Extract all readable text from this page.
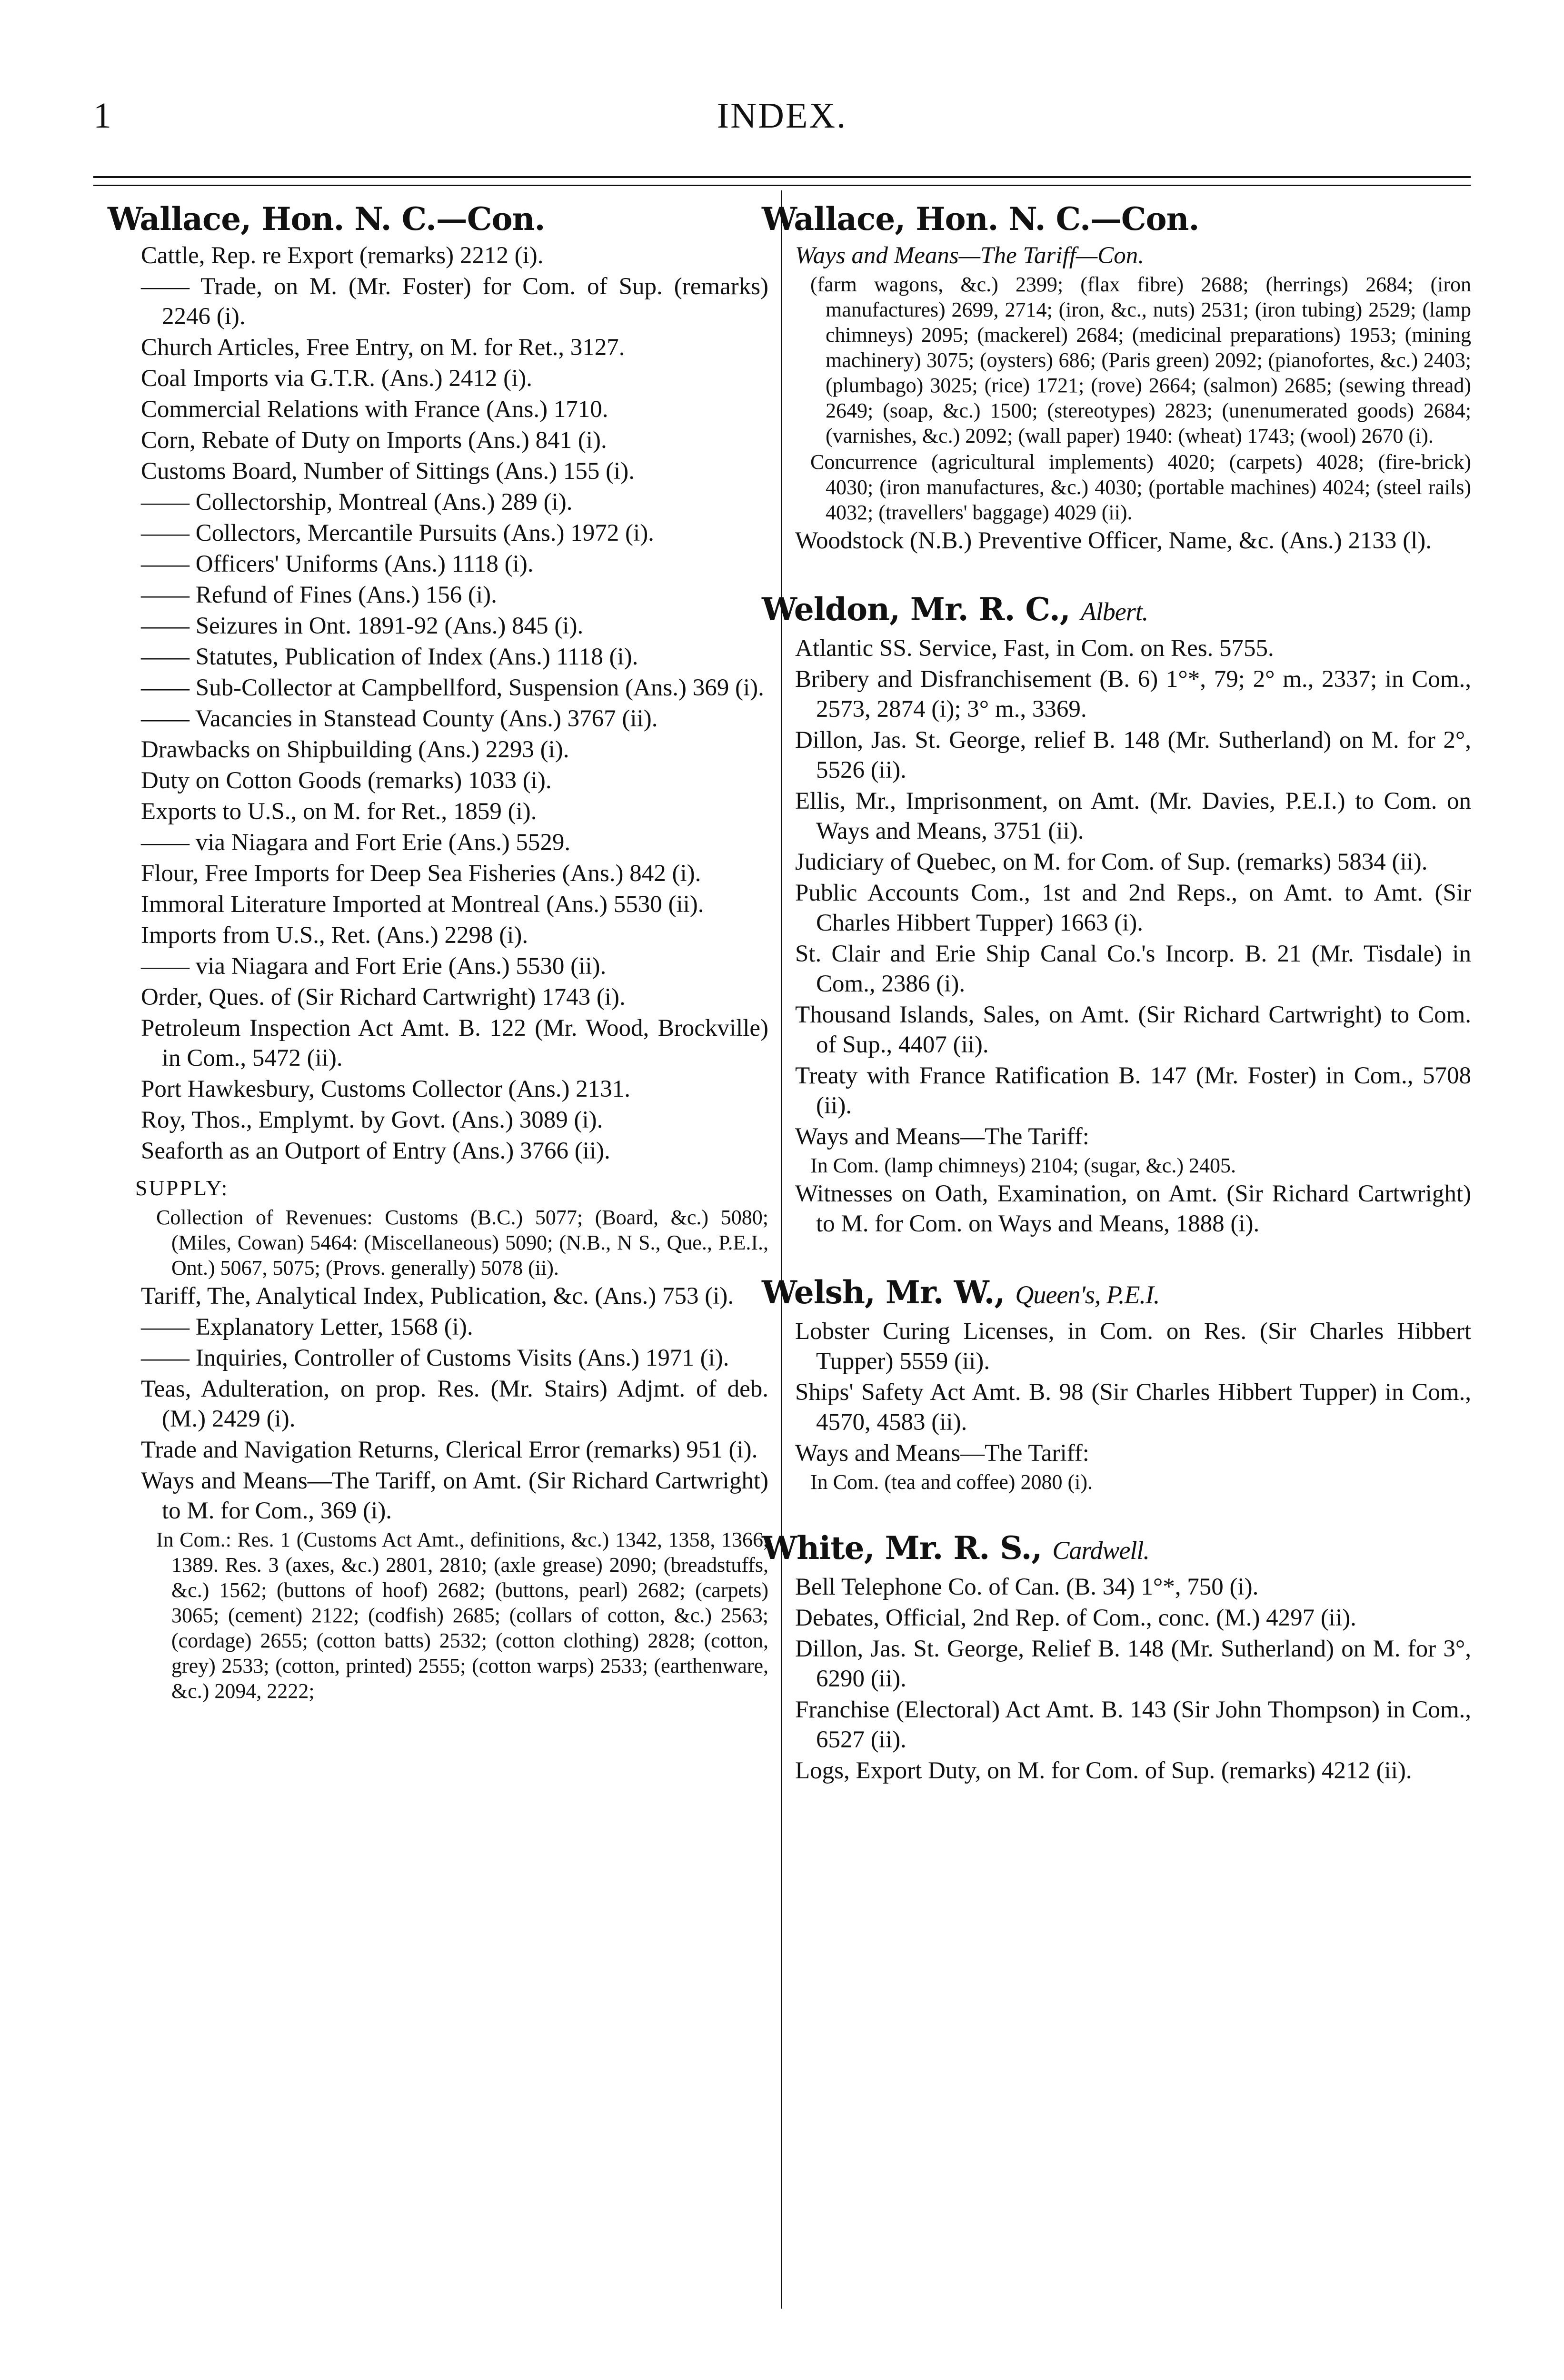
1	INDEX.
Wallace, Hon. N. C.—Con.
Cattle, Rep. re Export (remarks) 2212 (i).
—— Trade, on M. (Mr. Foster) for Com. of Sup. (remarks) 2246 (i).
Church Articles, Free Entry, on M. for Ret., 3127.
Coal Imports via G.T.R. (Ans.) 2412 (i).
Commercial Relations with France (Ans.) 1710.
Corn, Rebate of Duty on Imports (Ans.) 841 (i).
Customs Board, Number of Sittings (Ans.) 155 (i).
—— Collectorship, Montreal (Ans.) 289 (i).
—— Collectors, Mercantile Pursuits (Ans.) 1972 (i).
—— Officers' Uniforms (Ans.) 1118 (i).
—— Refund of Fines (Ans.) 156 (i).
—— Seizures in Ont. 1891-92 (Ans.) 845 (i).
—— Statutes, Publication of Index (Ans.) 1118 (i).
—— Sub-Collector at Campbellford, Suspension (Ans.) 369 (i).
—— Vacancies in Stanstead County (Ans.) 3767 (ii).
Drawbacks on Shipbuilding (Ans.) 2293 (i).
Duty on Cotton Goods (remarks) 1033 (i).
Exports to U.S., on M. for Ret., 1859 (i).
—— via Niagara and Fort Erie (Ans.) 5529.
Flour, Free Imports for Deep Sea Fisheries (Ans.) 842 (i).
Immoral Literature Imported at Montreal (Ans.) 5530 (ii).
Imports from U.S., Ret. (Ans.) 2298 (i).
—— via Niagara and Fort Erie (Ans.) 5530 (ii).
Order, Ques. of (Sir Richard Cartwright) 1743 (i).
Petroleum Inspection Act Amt. B. 122 (Mr. Wood, Brockville) in Com., 5472 (ii).
Port Hawkesbury, Customs Collector (Ans.) 2131.
Roy, Thos., Emplymt. by Govt. (Ans.) 3089 (i).
Seaforth as an Outport of Entry (Ans.) 3766 (ii).
SUPPLY:
Collection of Revenues: Customs (B.C.) 5077; (Board, &c.) 5080; (Miles, Cowan) 5464: (Miscellaneous) 5090; (N.B., N S., Que., P.E.I., Ont.) 5067, 5075; (Provs. generally) 5078 (ii).
Tariff, The, Analytical Index, Publication, &c. (Ans.) 753 (i).
—— Explanatory Letter, 1568 (i).
—— Inquiries, Controller of Customs Visits (Ans.) 1971 (i).
Teas, Adulteration, on prop. Res. (Mr. Stairs) Adjmt. of deb. (M.) 2429 (i).
Trade and Navigation Returns, Clerical Error (remarks) 951 (i).
Ways and Means—The Tariff, on Amt. (Sir Richard Cartwright) to M. for Com., 369 (i).
In Com.: Res. 1 (Customs Act Amt., definitions, &c.) 1342, 1358, 1366, 1389. Res. 3 (axes, &c.) 2801, 2810; (axle grease) 2090; (breadstuffs, &c.) 1562; (buttons of hoof) 2682; (buttons, pearl) 2682; (carpets) 3065; (cement) 2122; (codfish) 2685; (collars of cotton, &c.) 2563; (cordage) 2655; (cotton batts) 2532; (cotton clothing) 2828; (cotton, grey) 2533; (cotton, printed) 2555; (cotton warps) 2533; (earthenware, &c.) 2094, 2222;
Wallace, Hon. N. C.—Con.
Ways and Means—The Tariff—Con.
(farm wagons, &c.) 2399; (flax fibre) 2688; (herrings) 2684; (iron manufactures) 2699, 2714; (iron, &c., nuts) 2531; (iron tubing) 2529; (lamp chimneys) 2095; (mackerel) 2684; (medicinal preparations) 1953; (mining machinery) 3075; (oysters) 686; (Paris green) 2092; (pianofortes, &c.) 2403; (plumbago) 3025; (rice) 1721; (rove) 2664; (salmon) 2685; (sewing thread) 2649; (soap, &c.) 1500; (stereotypes) 2823; (unenumerated goods) 2684; (varnishes, &c.) 2092; (wall paper) 1940: (wheat) 1743; (wool) 2670 (i).
Concurrence (agricultural implements) 4020; (carpets) 4028; (fire-brick) 4030; (iron manufactures, &c.) 4030; (portable machines) 4024; (steel rails) 4032; (travellers' baggage) 4029 (ii).
Woodstock (N.B.) Preventive Officer, Name, &c. (Ans.) 2133 (l).
Weldon, Mr. R. C., Albert.
Atlantic SS. Service, Fast, in Com. on Res. 5755.
Bribery and Disfranchisement (B. 6) 1°*, 79; 2° m., 2337; in Com., 2573, 2874 (i); 3° m., 3369.
Dillon, Jas. St. George, relief B. 148 (Mr. Sutherland) on M. for 2°, 5526 (ii).
Ellis, Mr., Imprisonment, on Amt. (Mr. Davies, P.E.I.) to Com. on Ways and Means, 3751 (ii).
Judiciary of Quebec, on M. for Com. of Sup. (remarks) 5834 (ii).
Public Accounts Com., 1st and 2nd Reps., on Amt. to Amt. (Sir Charles Hibbert Tupper) 1663 (i).
St. Clair and Erie Ship Canal Co.'s Incorp. B. 21 (Mr. Tisdale) in Com., 2386 (i).
Thousand Islands, Sales, on Amt. (Sir Richard Cartwright) to Com. of Sup., 4407 (ii).
Treaty with France Ratification B. 147 (Mr. Foster) in Com., 5708 (ii).
Ways and Means—The Tariff:
In Com. (lamp chimneys) 2104; (sugar, &c.) 2405.
Witnesses on Oath, Examination, on Amt. (Sir Richard Cartwright) to M. for Com. on Ways and Means, 1888 (i).
Welsh, Mr. W., Queen's, P.E.I.
Lobster Curing Licenses, in Com. on Res. (Sir Charles Hibbert Tupper) 5559 (ii).
Ships' Safety Act Amt. B. 98 (Sir Charles Hibbert Tupper) in Com., 4570, 4583 (ii).
Ways and Means—The Tariff:
In Com. (tea and coffee) 2080 (i).
White, Mr. R. S., Cardwell.
Bell Telephone Co. of Can. (B. 34) 1°*, 750 (i).
Debates, Official, 2nd Rep. of Com., conc. (M.) 4297 (ii).
Dillon, Jas. St. George, Relief B. 148 (Mr. Sutherland) on M. for 3°, 6290 (ii).
Franchise (Electoral) Act Amt. B. 143 (Sir John Thompson) in Com., 6527 (ii).
Logs, Export Duty, on M. for Com. of Sup. (remarks) 4212 (ii).
